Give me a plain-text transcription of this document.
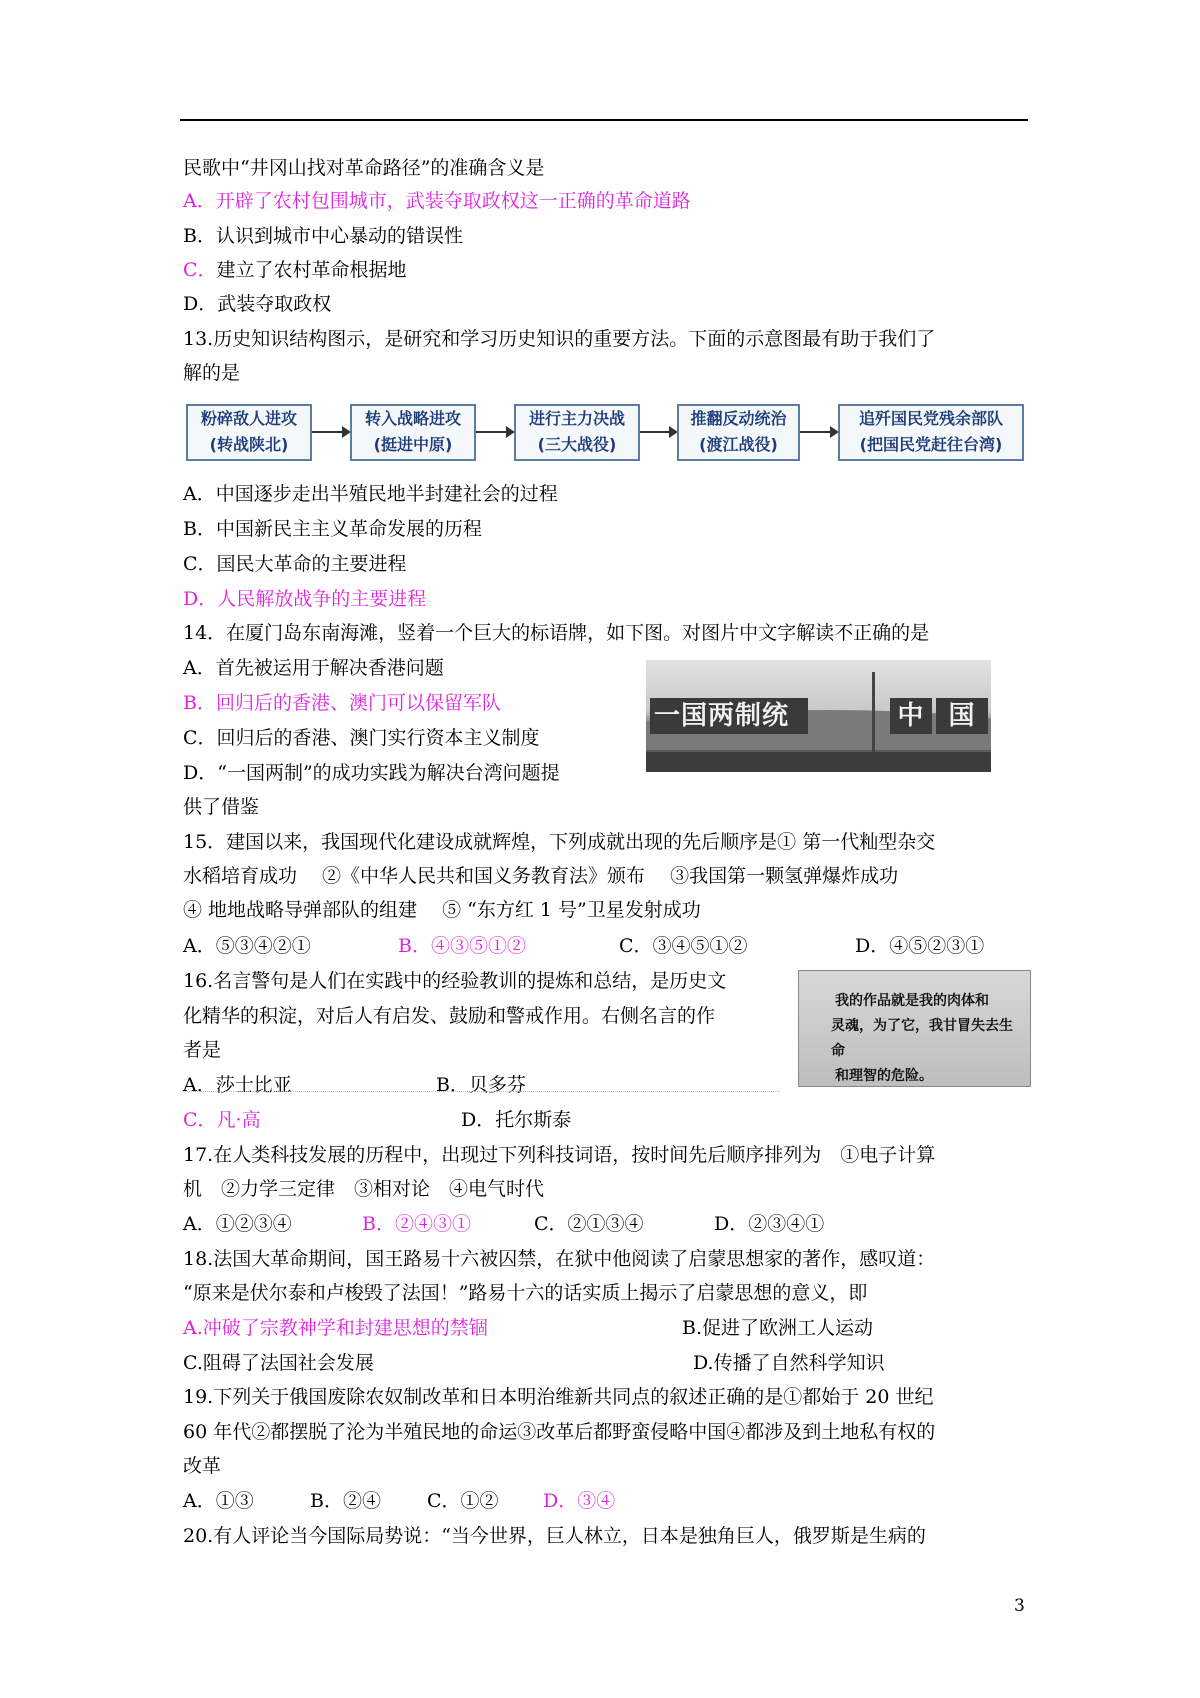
民歌中“井冈山找对革命路径”的准确含义是
A．开辟了农村包围城市，武装夺取政权这一正确的革命道路
B．认识到城市中心暴动的错误性
C．建立了农村革命根据地
D．武装夺取政权
13.历史知识结构图示，是研究和学习历史知识的重要方法。下面的示意图最有助于我们了
解的是
粉碎敌人进攻
(转战陕北)
转入战略进攻
(挺进中原)
进行主力决战
(三大战役)
推翻反动统治
(渡江战役)
追歼国民党残余部队
(把国民党赶往台湾)
A．中国逐步走出半殖民地半封建社会的过程
B．中国新民主主义革命发展的历程
C．国民大革命的主要进程
D．人民解放战争的主要进程
14．在厦门岛东南海滩，竖着一个巨大的标语牌，如下图。对图片中文字解读不正确的是
A．首先被运用于解决香港问题
B．回归后的香港、澳门可以保留军队
C．回归后的香港、澳门实行资本主义制度
D．“一国两制”的成功实践为解决台湾问题提
供了借鉴
一国两制统	中 国
15．建国以来，我国现代化建设成就辉煌，下列成就出现的先后顺序是① 第一代籼型杂交
水稻培育成功　 ②《中华人民共和国义务教育法》颁布　 ③我国第一颗氢弹爆炸成功
④ 地地战略导弹部队的组建　 ⑤ “东方红 1 号”卫星发射成功
A．⑤③④②①	B．④③⑤①②	C．③④⑤①②	D．④⑤②③①
16.名言警句是人们在实践中的经验教训的提炼和总结，是历史文
化精华的积淀，对后人有启发、鼓励和警戒作用。右侧名言的作
者是
A．莎士比亚	B．贝多芬
C．凡·高	D．托尔斯泰
我的作品就是我的肉体和
灵魂，为了它，我甘冒失去生命
和理智的危险。
17.在人类科技发展的历程中，出现过下列科技词语，按时间先后顺序排列为　①电子计算
机　②力学三定律　③相对论　④电气时代
A．①②③④	B．②④③①	C．②①③④	D．②③④①
18.法国大革命期间，国王路易十六被囚禁，在狱中他阅读了启蒙思想家的著作，感叹道：
“原来是伏尔泰和卢梭毁了法国！”路易十六的话实质上揭示了启蒙思想的意义，即
A.冲破了宗教神学和封建思想的禁锢	B.促进了欧洲工人运动
C.阻碍了法国社会发展	D.传播了自然科学知识
19.下列关于俄国废除农奴制改革和日本明治维新共同点的叙述正确的是①都始于 20 世纪
60 年代②都摆脱了沦为半殖民地的命运③改革后都野蛮侵略中国④都涉及到土地私有权的
改革
A．①③	B．②④ C．①② D．③④
20.有人评论当今国际局势说：“当今世界，巨人林立，日本是独角巨人，俄罗斯是生病的
3
